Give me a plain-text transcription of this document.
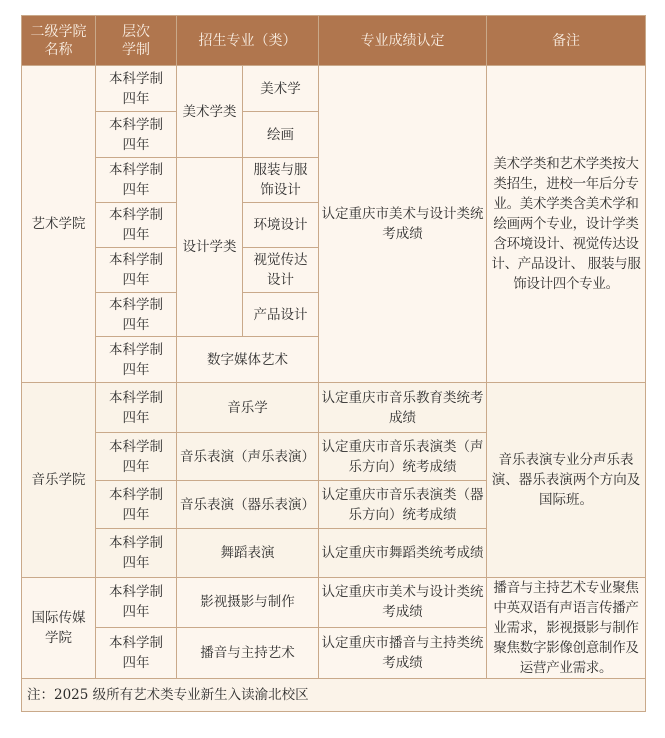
二级学院名称	层次学制	招生专业（类）		专业成绩认定	备注
艺术学院	本科学制四年	美术学类	美术学	认定重庆市美术与设计类统考成绩	美术学类和艺术学类按大类招生，进校一年后分专业。美术学类含美术学和绘画两个专业，设计学类含环境设计、视觉传达设计、产品设计、 服装与服饰设计四个专业。

	本科学制四年		绘画		

	本科学制四年	设计学类	服装与服饰设计		

	本科学制四年		环境设计		

	本科学制四年		视觉传达设计		

	本科学制四年		产品设计		

	本科学制四年	数字媒体艺术			
音乐学院	本科学制四年	音乐学		认定重庆市音乐教育类统考成绩	音乐表演专业分声乐表演、器乐表演两个方向及国际班。

	本科学制四年	音乐表演（声乐表演）		认定重庆市音乐表演类（声乐方向）统考成绩	

	本科学制四年	音乐表演（器乐表演）		认定重庆市音乐表演类（器乐方向）统考成绩	

	本科学制四年	舞蹈表演		认定重庆市舞蹈类统考成绩	

国际传媒学院	本科学制四年	影视摄影与制作		认定重庆市美术与设计类统考成绩	播音与主持艺术专业聚焦中英双语有声语言传播产业需求，影视摄影与制作聚焦数字影像创意制作及运营产业需求。

	本科学制四年	播音与主持艺术		认定重庆市播音与主持类统考成绩	
注：2025 级所有艺术类专业新生入读渝北校区					
